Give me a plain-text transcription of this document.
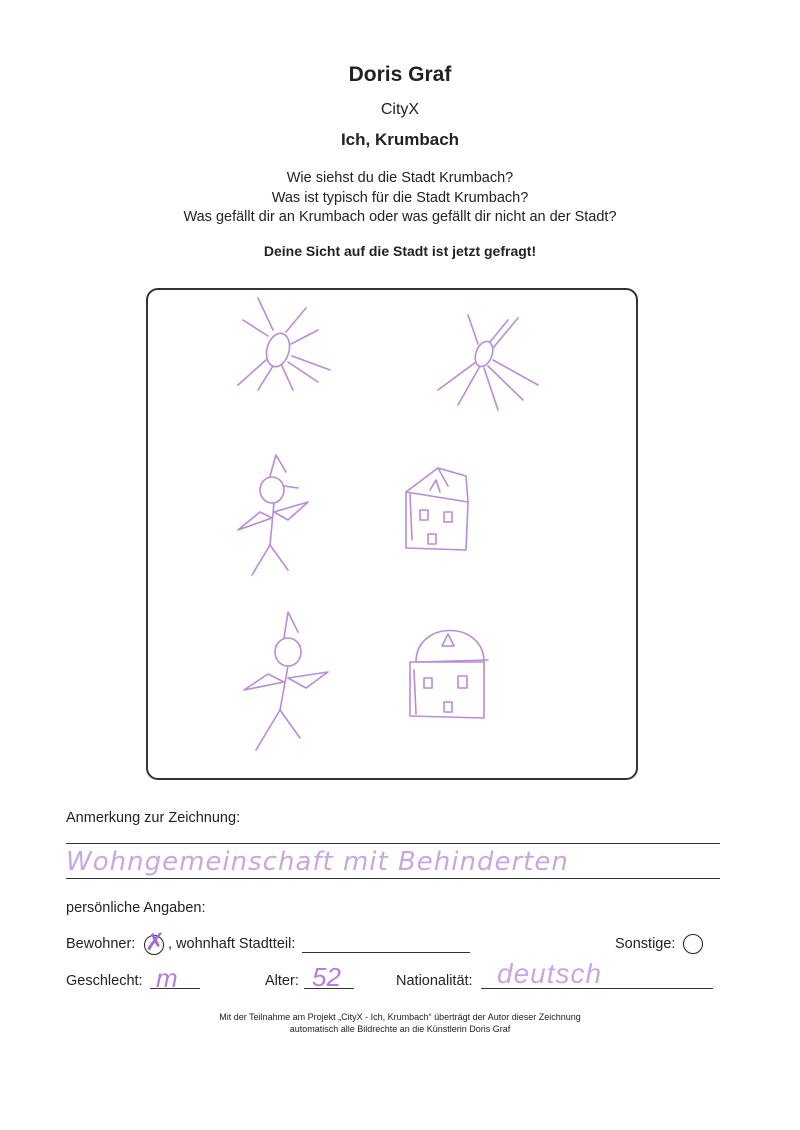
Doris Graf
CityX
Ich, Krumbach
Wie siehst du die Stadt Krumbach?
Was ist typisch für die Stadt Krumbach?
Was gefällt dir an Krumbach oder was gefällt dir nicht an der Stadt?
Deine Sicht auf die Stadt ist jetzt gefragt!
Anmerkung zur Zeichnung:
Wohngemeinschaft mit Behinderten
persönliche Angaben:
Bewohner: ✗ , wohnhaft Stadtteil:	Sonstige:
Geschlecht: m	Alter: 52	Nationalität: deutsch
Mit der Teilnahme am Projekt „CityX - Ich, Krumbach“ überträgt der Autor dieser Zeichnung
automatisch alle Bildrechte an die Künstlerin Doris Graf
